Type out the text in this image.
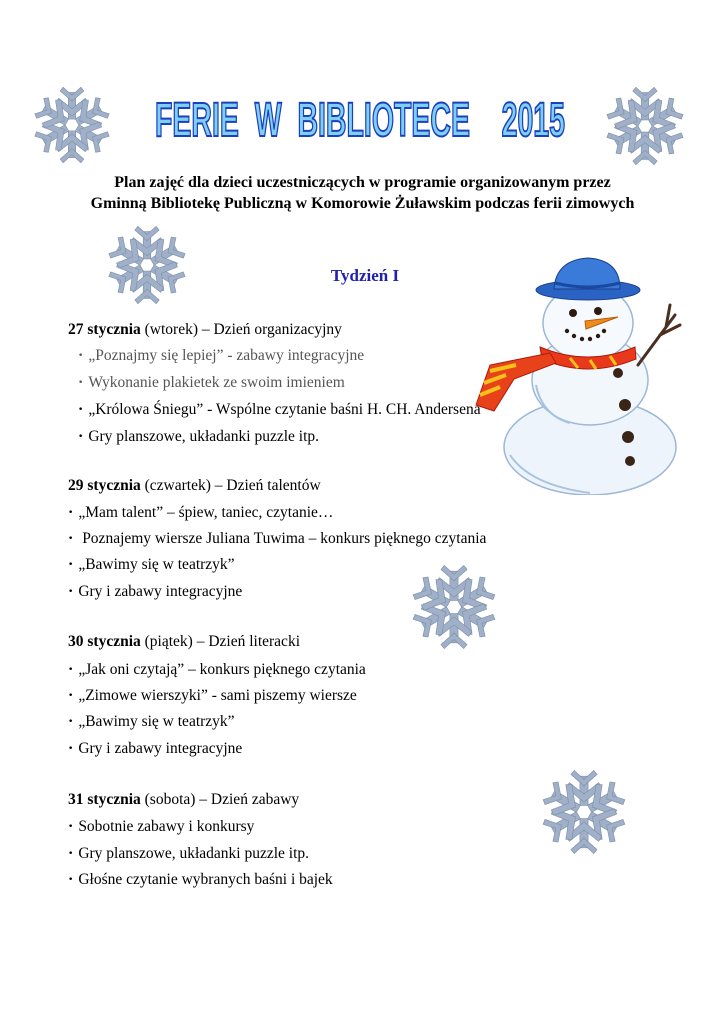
FERIE  W  BIBLIOTECE    2015
Plan zajęć dla dzieci uczestniczących w programie organizowanym przez
Gminną Bibliotekę Publiczną w Komorowie Żuławskim podczas ferii zimowych
Tydzień I
27 stycznia (wtorek) – Dzień organizacyjny
• „Poznajmy się lepiej” - zabawy integracyjne
• Wykonanie plakietek ze swoim imieniem
• „Królowa Śniegu” - Wspólne czytanie baśni H. CH. Andersena
• Gry planszowe, układanki puzzle itp.
29 stycznia (czwartek) – Dzień talentów
• „Mam talent” – śpiew, taniec, czytanie…
• Poznajemy wiersze Juliana Tuwima – konkurs pięknego czytania
• „Bawimy się w teatrzyk”
• Gry i zabawy integracyjne
30 stycznia (piątek) – Dzień literacki
• „Jak oni czytają” – konkurs pięknego czytania
• „Zimowe wierszyki” - sami piszemy wiersze
• „Bawimy się w teatrzyk”
• Gry i zabawy integracyjne
31 stycznia (sobota) – Dzień zabawy
• Sobotnie zabawy i konkursy
• Gry planszowe, układanki puzzle itp.
• Głośne czytanie wybranych baśni i bajek
